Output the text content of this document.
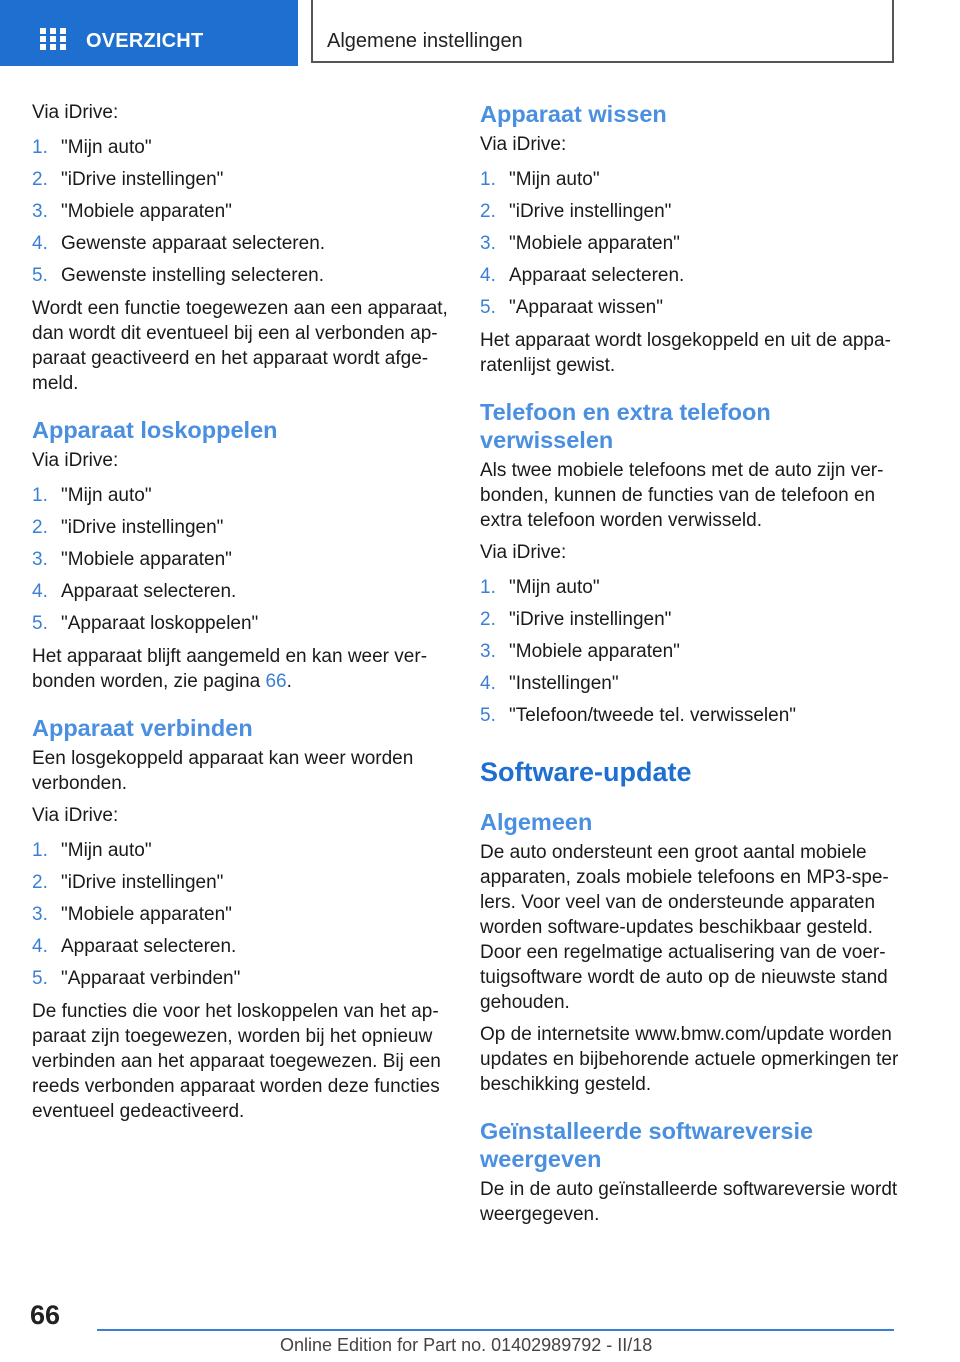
OVERZICHT	Algemene instellingen

Via iDrive:

1. "Mijn auto"
2. "iDrive instellingen"
3. "Mobiele apparaten"
4. Gewenste apparaat selecteren.
5. Gewenste instelling selecteren.

Wordt een functie toegewezen aan een apparaat, dan wordt dit eventueel bij een al verbonden apparaat geactiveerd en het apparaat wordt afgemeld.

Apparaat loskoppelen

Via iDrive:

1. "Mijn auto"
2. "iDrive instellingen"
3. "Mobiele apparaten"
4. Apparaat selecteren.
5. "Apparaat loskoppelen"

Het apparaat blijft aangemeld en kan weer verbonden worden, zie pagina 66.

Apparaat verbinden

Een losgekoppeld apparaat kan weer worden verbonden.

Via iDrive:

1. "Mijn auto"
2. "iDrive instellingen"
3. "Mobiele apparaten"
4. Apparaat selecteren.
5. "Apparaat verbinden"

De functies die voor het loskoppelen van het apparaat zijn toegewezen, worden bij het opnieuw verbinden aan het apparaat toegewezen. Bij een reeds verbonden apparaat worden deze functies eventueel gedeactiveerd.

Apparaat wissen

Via iDrive:

1. "Mijn auto"
2. "iDrive instellingen"
3. "Mobiele apparaten"
4. Apparaat selecteren.
5. "Apparaat wissen"

Het apparaat wordt losgekoppeld en uit de apparatenlijst gewist.

Telefoon en extra telefoon verwisselen

Als twee mobiele telefoons met de auto zijn verbonden, kunnen de functies van de telefoon en extra telefoon worden verwisseld.

Via iDrive:

1. "Mijn auto"
2. "iDrive instellingen"
3. "Mobiele apparaten"
4. "Instellingen"
5. "Telefoon/tweede tel. verwisselen"
Software-update
Algemeen

De auto ondersteunt een groot aantal mobiele apparaten, zoals mobiele telefoons en MP3-spelers. Voor veel van de ondersteunde apparaten worden software-updates beschikbaar gesteld. Door een regelmatige actualisering van de voertuigsoftware wordt de auto op de nieuwste stand gehouden.

Op de internetsite www.bmw.com/update worden updates en bijbehorende actuele opmerkingen ter beschikking gesteld.

Geïnstalleerde softwareversie weergeven

De in de auto geïnstalleerde softwareversie wordt weergegeven.

66
Online Edition for Part no. 01402989792 - II/18
